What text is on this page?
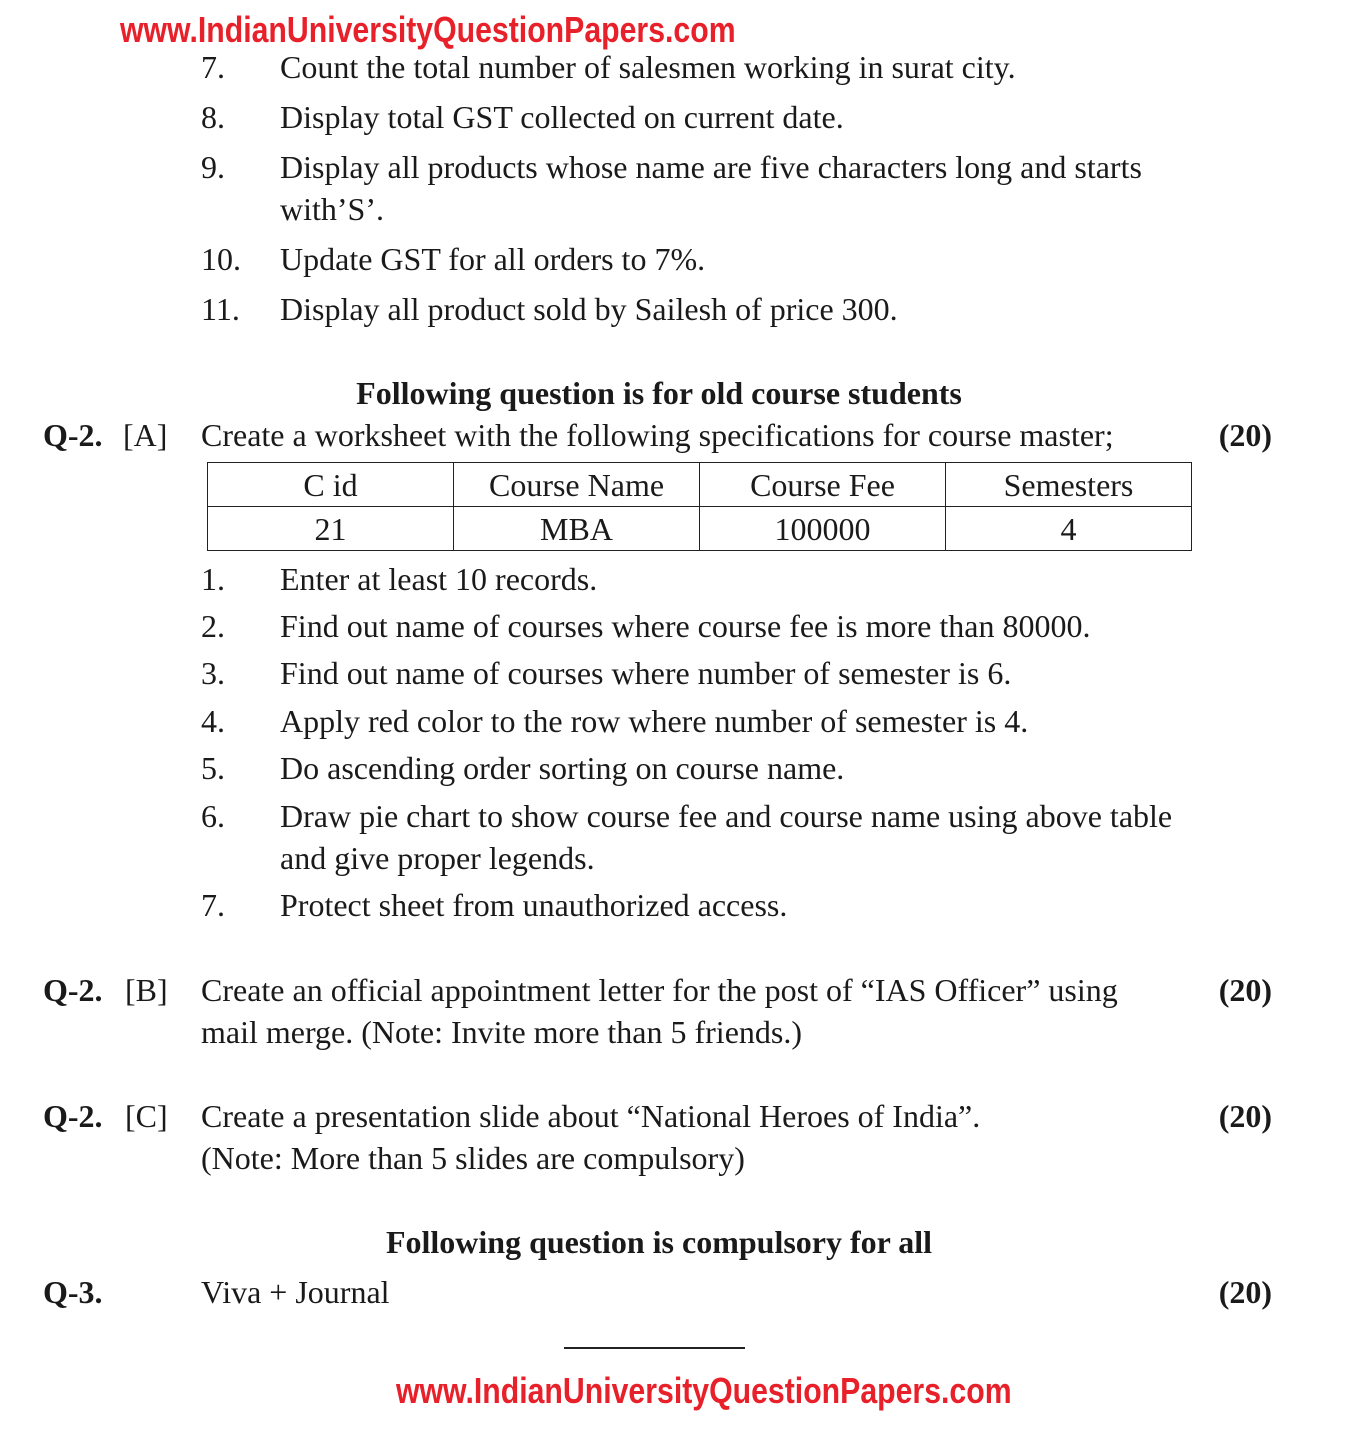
www.IndianUniversityQuestionPapers.com
7. Count the total number of salesmen working in surat city.
8. Display total GST collected on current date.
9. Display all products whose name are five characters long and starts
with’S’.
10. Update GST for all orders to 7%.
11. Display all product sold by Sailesh of price 300.
Following question is for old course students
Q-2. [A] Create a worksheet with the following specifications for course master;	(20)
C id	Course Name	Course Fee	Semesters
21	MBA	100000	4
1. Enter at least 10 records.
2. Find out name of courses where course fee is more than 80000.
3. Find out name of courses where number of semester is 6.
4. Apply red color to the row where number of semester is 4.
5. Do ascending order sorting on course name.
6. Draw pie chart to show course fee and course name using above table
and give proper legends.
7. Protect sheet from unauthorized access.
Q-2. [B] Create an official appointment letter for the post of “IAS Officer” using
mail merge. (Note: Invite more than 5 friends.)
(20)
Q-2. [C] Create a presentation slide about “National Heroes of India”.
(Note: More than 5 slides are compulsory)
(20)
Following question is compulsory for all
Q-3.	Viva + Journal	(20)
www.IndianUniversityQuestionPapers.com
